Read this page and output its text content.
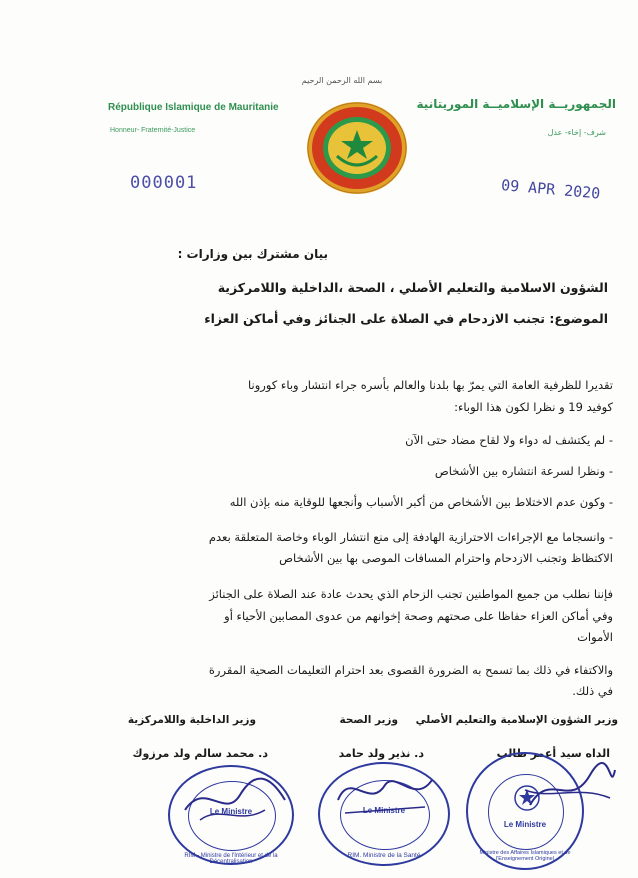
République Islamique de Mauritanie
Honneur- Fraternité-Justice
الجمهوريــة الإسلاميــة الموريتانية
شرف- إخاء- عدل
بسم الله الرحمن الرحيم
000001	09 APR 2020
بيان مشترك بين وزارات :
الشؤون الاسلامية والتعليم الأصلي ، الصحة ،الداخلية واللامركزية
الموضوع: تجنب الازدحام في الصلاة على الجنائز وفي أماكن العزاء
تقديرا للظرفية العامة التي يمرّ بها بلدنا والعالم بأسره جراء انتشار وباء كورونا
كوفيد 19 و نظرا لكون هذا الوباء:
- لم يكتشف له دواء ولا لقاح مضاد حتى الآن
- ونظرا لسرعة انتشاره بين الأشخاص
- وكون عدم الاختلاط بين الأشخاص من أكبر الأسباب وأنجعها للوقاية منه بإذن الله
- وانسجاما مع الإجراءات الاحترازية الهادفة إلى منع انتشار الوباء وخاصة المتعلقة بعدم
الاكتظاظ وتجنب الازدحام واحترام المسافات الموصى بها بين الأشخاص
فإننا نطلب من جميع المواطنين تجنب الزحام الذي يحدث عادة عند الصلاة على الجنائز
وفي أماكن العزاء حفاظا على صحتهم وصحة إخوانهم من عدوى المصابين الأحياء أو
الأموات
والاكتفاء في ذلك بما تسمح به الضرورة القصوى بعد احترام التعليمات الصحية المقررة
في ذلك.
وزير الشؤون الإسلامية والتعليم الأصلي
وزير الصحة
وزير الداخلية واللامركزية
الداه سيد أعمر طالب
د. نذير ولد حامد
د. محمد سالم ولد مرزوك
Le Ministre
RIM - Ministre de l'Intérieur et de la Décentralisation
Le Ministre
RIM. Ministre de la Santé
Le Ministre
Ministre des Affaires Islamiques et de l'Enseignement Originel
